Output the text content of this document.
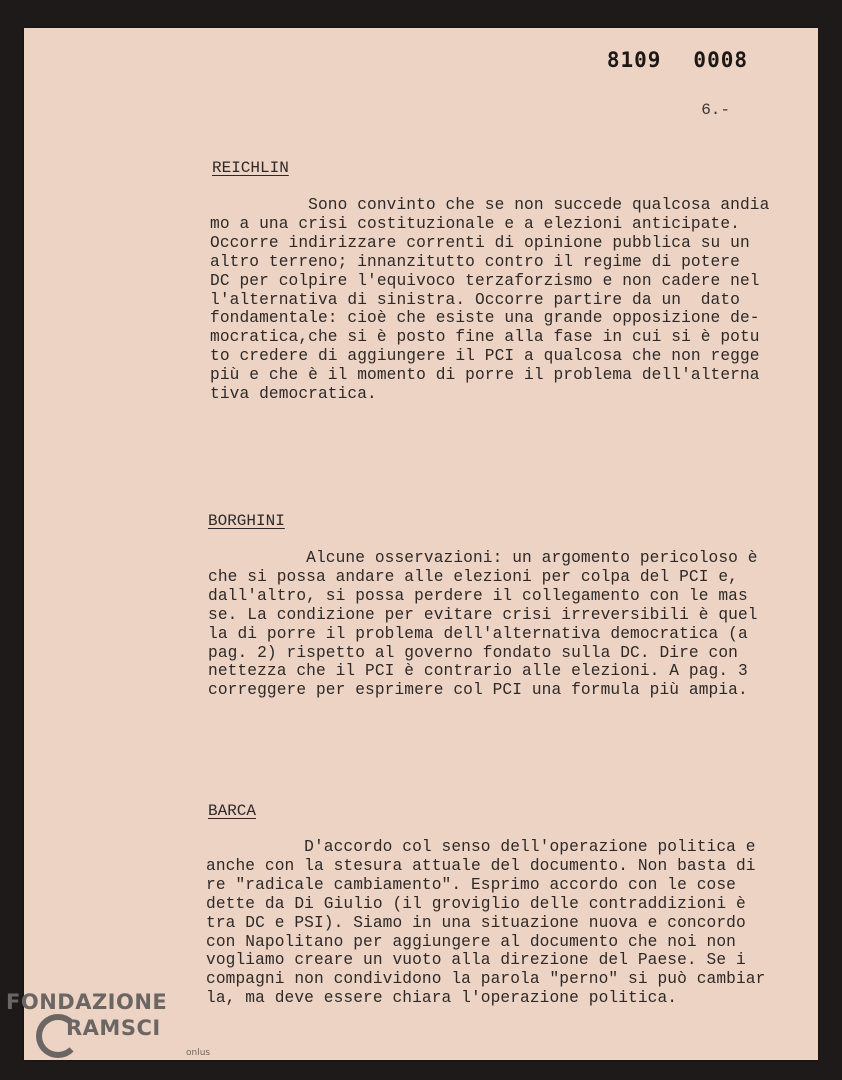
8109 0008
6.-
REICHLIN
Sono convinto che se non succede qualcosa andia
mo a una crisi costituzionale e a elezioni anticipate.
Occorre indirizzare correnti di opinione pubblica su un
altro terreno; innanzitutto contro il regime di potere
DC per colpire l'equivoco terzaforzismo e non cadere nel
l'alternativa di sinistra. Occorre partire da un  dato
fondamentale: cioè che esiste una grande opposizione de-
mocratica,che si è posto fine alla fase in cui si è potu
to credere di aggiungere il PCI a qualcosa che non regge
più e che è il momento di porre il problema dell'alterna
tiva democratica.
BORGHINI
Alcune osservazioni: un argomento pericoloso è
che si possa andare alle elezioni per colpa del PCI e,
dall'altro, si possa perdere il collegamento con le mas
se. La condizione per evitare crisi irreversibili è quel
la di porre il problema dell'alternativa democratica (a
pag. 2) rispetto al governo fondato sulla DC. Dire con
nettezza che il PCI è contrario alle elezioni. A pag. 3
correggere per esprimere col PCI una formula più ampia.
BARCA
D'accordo col senso dell'operazione politica e
anche con la stesura attuale del documento. Non basta di
re "radicale cambiamento". Esprimo accordo con le cose
dette da Di Giulio (il groviglio delle contraddizioni è
tra DC e PSI). Siamo in una situazione nuova e concordo
con Napolitano per aggiungere al documento che noi non
vogliamo creare un vuoto alla direzione del Paese. Se i
compagni non condividono la parola "perno" si può cambiar
la, ma deve essere chiara l'operazione politica.
FONDAZIONE
RAMSCI
onlus
